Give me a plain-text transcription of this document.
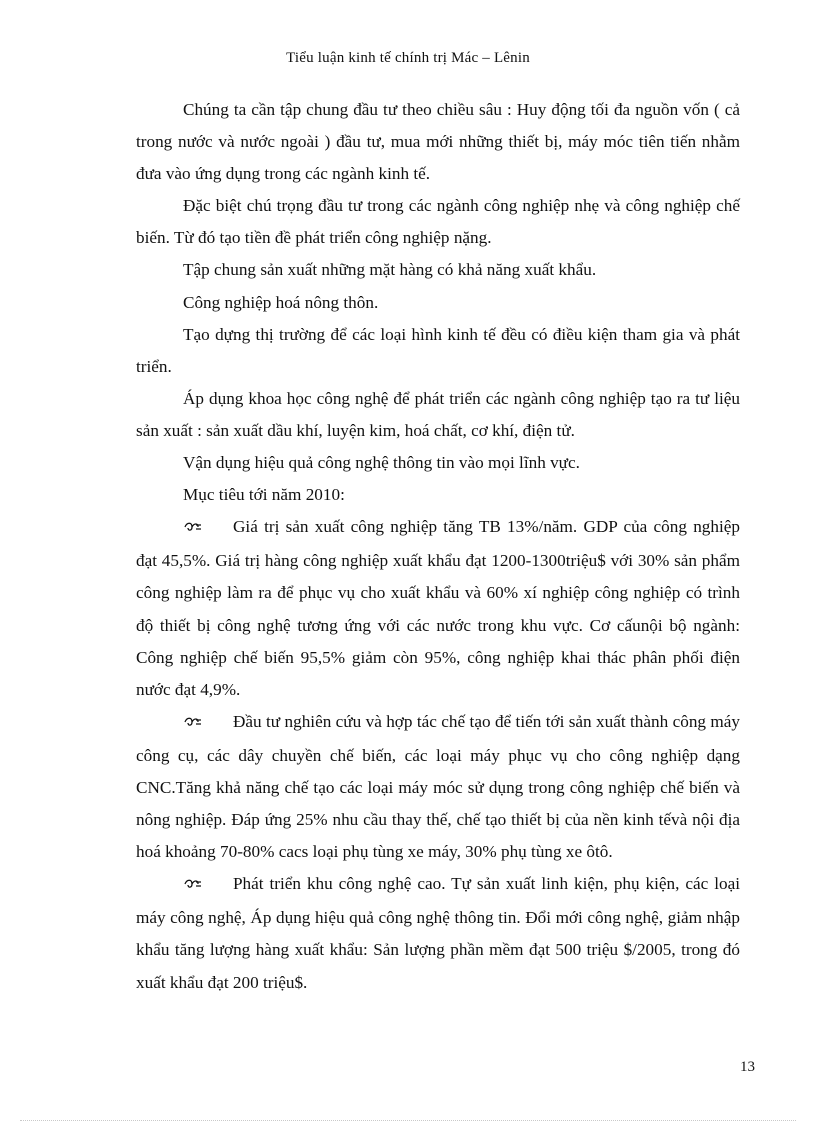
Tiểu luận kinh tế chính trị Mác – Lênin

Chúng ta cần tập chung đầu tư theo chiều sâu : Huy động tối đa nguồn vốn ( cả trong nước và nước ngoài ) đầu tư, mua mới những thiết bị, máy móc tiên tiến nhằm đưa vào ứng dụng trong các ngành kinh tế.

Đặc biệt chú trọng đầu tư trong các ngành công nghiệp nhẹ và công nghiệp chế biến. Từ đó tạo tiền đề phát triển công nghiệp nặng.

Tập chung sản xuất những mặt hàng có khả năng xuất khẩu.

Công nghiệp hoá nông thôn.

Tạo dựng thị trường để các loại hình kinh tế đều có điều kiện tham gia và phát triển.

Áp dụng khoa học công nghệ để phát triển các ngành công nghiệp tạo ra tư liệu sản xuất : sản xuất dầu khí, luyện kim, hoá chất, cơ khí, điện tử.

Vận dụng hiệu quả công nghệ thông tin vào mọi lĩnh vực.

Mục tiêu tới năm 2010:

Giá trị sản xuất công nghiệp tăng TB 13%/năm. GDP của công nghiệp đạt 45,5%. Giá trị hàng công nghiệp xuất khẩu đạt 1200-1300triệu$ với 30% sản phẩm công nghiệp làm ra để phục vụ cho xuất khẩu và 60% xí nghiệp công nghiệp có trình độ thiết bị công nghệ tương ứng với các nước trong khu vực. Cơ cấunội bộ ngành: Công nghiệp chế biến 95,5% giảm còn 95%, công nghiệp khai thác phân phối điện nước đạt 4,9%.

Đầu tư nghiên cứu và hợp tác chế tạo để tiến tới sản xuất thành công máy công cụ, các dây chuyền chế biến, các loại máy phục vụ cho công nghiệp dạng CNC.Tăng khả năng chế tạo các loại máy móc sử dụng trong công nghiệp chế biến và nông nghiệp. Đáp ứng 25% nhu cầu thay thế, chế tạo thiết bị của nền kinh tếvà nội địa hoá khoảng 70-80% cacs loại phụ tùng xe máy, 30% phụ tùng xe ôtô.

Phát triển khu công nghệ cao. Tự sản xuất linh kiện, phụ kiện, các loại máy công nghệ, Áp dụng hiệu quả công nghệ thông tin. Đổi mới công nghệ, giảm nhập khẩu tăng lượng hàng xuất khẩu: Sản lượng phần mềm đạt 500 triệu $/2005, trong đó xuất khẩu đạt 200 triệu$.

13
